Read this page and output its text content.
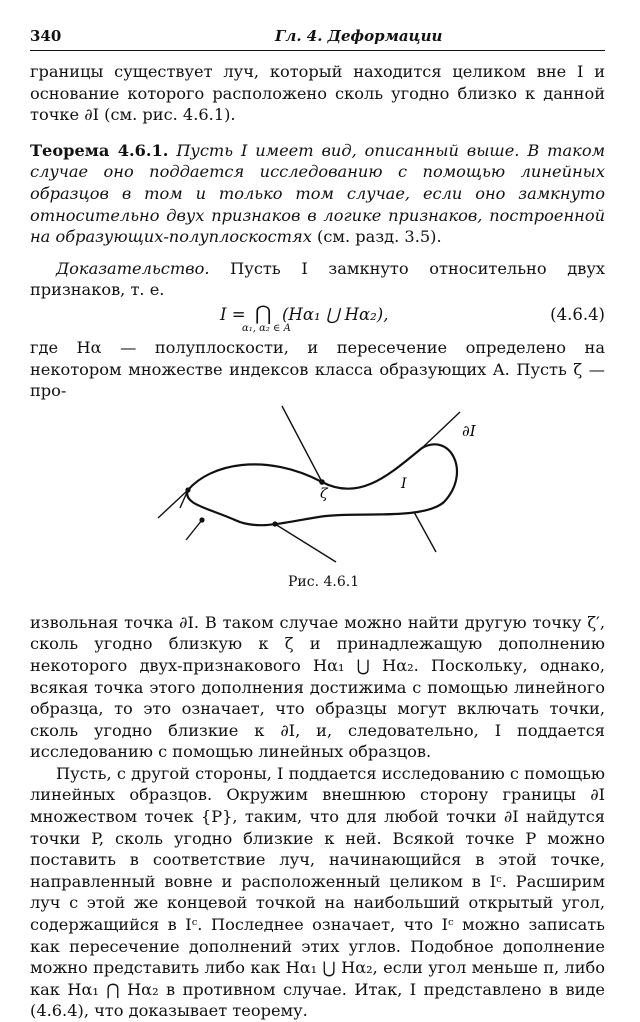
340	Гл. 4. Деформации

границы существует луч, который находится целиком вне I и основание которого расположено сколь угодно близко к данной точке ∂I (см. рис. 4.6.1).

Теорема 4.6.1. Пусть I имеет вид, описанный выше. В таком случае оно поддается исследованию с помощью линейных образцов в том и только том случае, если оно замкнуто относительно двух признаков в логике признаков, построенной на образующих-полуплоскостях (см. разд. 3.5).

Доказательство. Пусть I замкнуто относительно двух признаков, т. е.

I = ⋂
α₁, α₂ ∈ A
(Hα₁ ⋃ Hα₂),	(4.6.4)

где Hα — полуплоскости, и пересечение определено на некотором множестве индексов класса образующих A. Пусть ζ — про-

∂I
I
ζ
Рис. 4.6.1

извольная точка ∂I. В таком случае можно найти другую точку ζ′, сколь угодно близкую к ζ и принадлежащую дополнению некоторого двух-признакового Hα₁ ⋃ Hα₂. Поскольку, однако, всякая точка этого дополнения достижима с помощью линейного образца, то это означает, что образцы могут включать точки, сколь угодно близкие к ∂I, и, следовательно, I поддается исследованию с помощью линейных образцов.

Пусть, с другой стороны, I поддается исследованию с помощью линейных образцов. Окружим внешнюю сторону границы ∂I множеством точек {P}, таким, что для любой точки ∂I найдутся точки P, сколь угодно близкие к ней. Всякой точке P можно поставить в соответствие луч, начинающийся в этой точке, направленный вовне и расположенный целиком в Iᶜ. Расширим луч с этой же концевой точкой на наибольший открытый угол, содержащийся в Iᶜ. Последнее означает, что Iᶜ можно записать как пересечение дополнений этих углов. Подобное дополнение можно представить либо как Hα₁ ⋃ Hα₂, если угол меньше π, либо как Hα₁ ⋂ Hα₂ в противном случае. Итак, I представлено в виде (4.6.4), что доказывает теорему.
